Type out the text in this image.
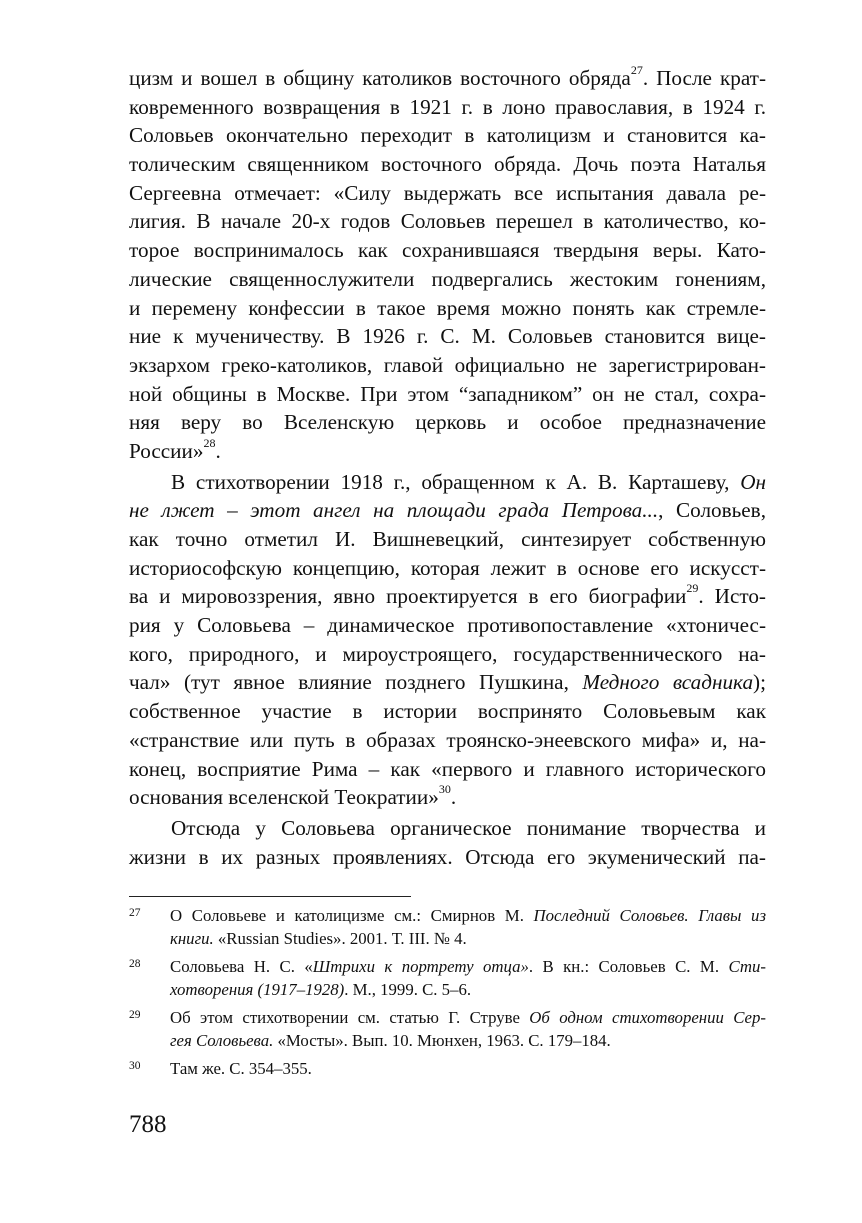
цизм и вошел в общину католиков восточного обряда$^{27}$. После крат-
ковременного возвращения в 1921 г. в лоно православия, в 1924 г.
Соловьев окончательно переходит в католицизм и становится ка-
толическим священником восточного обряда. Дочь поэта Наталья
Сергеевна отмечает: «Силу выдержать все испытания давала ре-
лигия. В начале 20-х годов Соловьев перешел в католичество, ко-
торое воспринималось как сохранившаяся твердыня веры. Като-
лические священнослужители подвергались жестоким гонениям,
и перемену конфессии в такое время можно понять как стремле-
ние к мученичеству. В 1926 г. С. М. Соловьев становится вице-
экзархом греко-католиков, главой официально не зарегистрирован-
ной общины в Москве. При этом “западником” он не стал, сохра-
няя веру во Вселенскую церковь и особое предназначение
России»$^{28}$.
В стихотворении 1918 г., обращенном к А. В. Карташеву, Он
не лжет – этот ангел на площади града Петрова..., Соловьев,
как точно отметил И. Вишневецкий, синтезирует собственную
историософскую концепцию, которая лежит в основе его искусст-
ва и мировоззрения, явно проектируется в его биографии$^{29}$. Исто-
рия у Соловьева – динамическое противопоставление «хтоничес-
кого, природного, и мироустроящего, государственнического на-
чал» (тут явное влияние позднего Пушкина, Медного всадника);
собственное участие в истории воспринято Соловьевым как
«странствие или путь в образах троянско-энеевского мифа» и, на-
конец, восприятие Рима – как «первого и главного исторического
основания вселенской Теократии»$^{30}$.
Отсюда у Соловьева органическое понимание творчества и
жизни в их разных проявлениях. Отсюда его экуменический па-
27 О Соловьеве и католицизме см.: Смирнов М. Последний Соловьев. Главы из
книги. «Russian Studies». 2001. Т. III. № 4.
28 Соловьева Н. С. «Штрихи к портрету отца». В кн.: Соловьев С. М. Сти-
хотворения (1917–1928). М., 1999. С. 5–6.
29 Об этом стихотворении см. статью Г. Струве Об одном стихотворении Сер-
гея Соловьева. «Мосты». Вып. 10. Мюнхен, 1963. С. 179–184.
30 Там же. С. 354–355.
788
